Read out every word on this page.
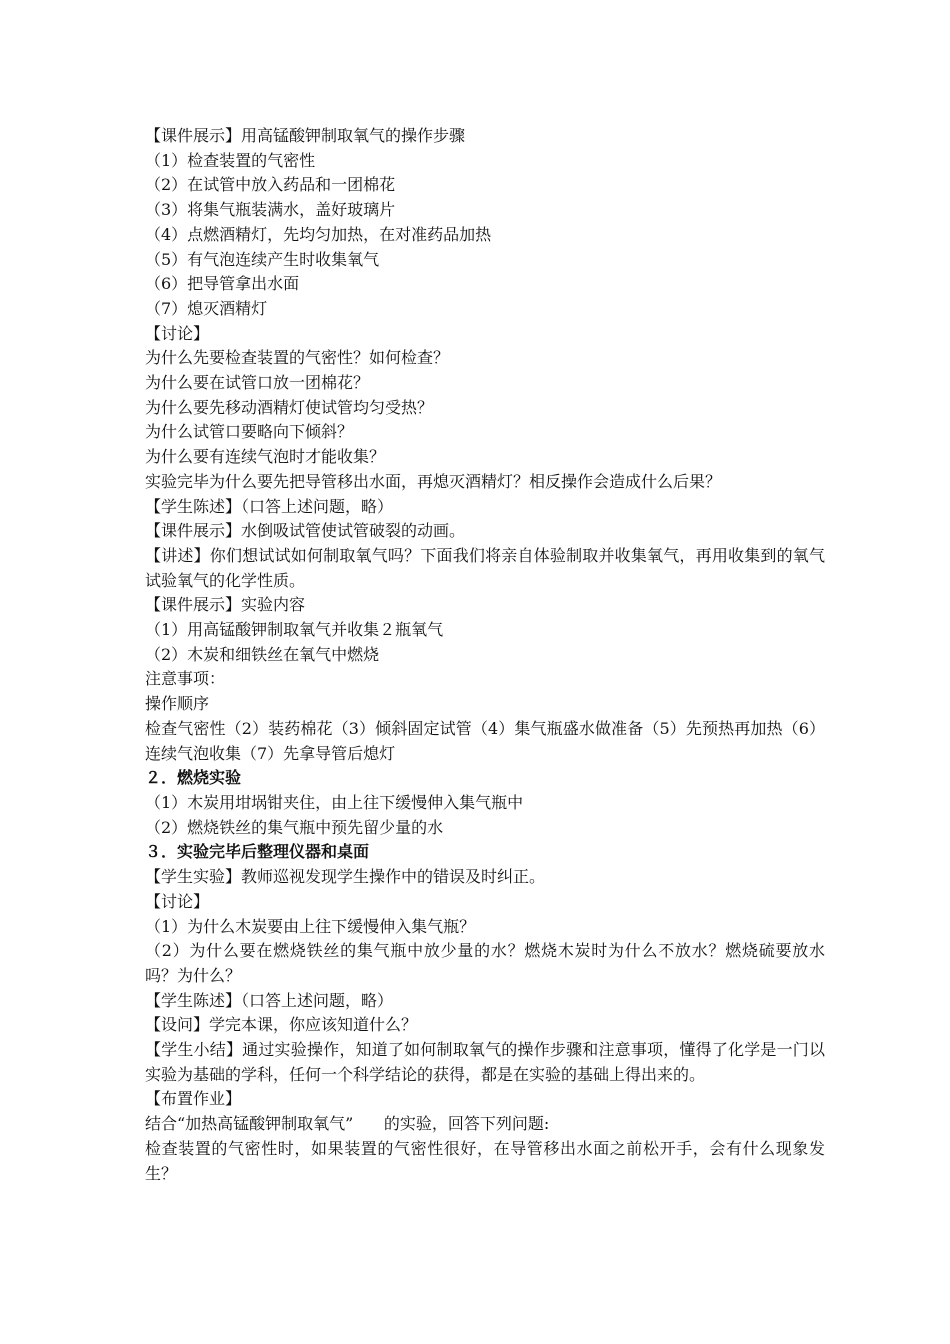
【课件展示】用高锰酸钾制取氧气的操作步骤

（1）检查装置的气密性

（2）在试管中放入药品和一团棉花

（3）将集气瓶装满水，盖好玻璃片

（4）点燃酒精灯，先均匀加热，在对准药品加热

（5）有气泡连续产生时收集氧气

（6）把导管拿出水面

（7）熄灭酒精灯

【讨论】

为什么先要检查装置的气密性？如何检查？

为什么要在试管口放一团棉花？

为什么要先移动酒精灯使试管均匀受热？

为什么试管口要略向下倾斜？

为什么要有连续气泡时才能收集？

实验完毕为什么要先把导管移出水面，再熄灭酒精灯？相反操作会造成什么后果？

【学生陈述】（口答上述问题，略）

【课件展示】水倒吸试管使试管破裂的动画。

【讲述】你们想试试如何制取氧气吗？下面我们将亲自体验制取并收集氧气，再用收集到的氧气试验氧气的化学性质。

【课件展示】实验内容

（1）用高锰酸钾制取氧气并收集２瓶氧气

（2）木炭和细铁丝在氧气中燃烧

注意事项：

操作顺序

检查气密性（2）装药棉花（3）倾斜固定试管（4）集气瓶盛水做准备（5）先预热再加热（6）连续气泡收集（7）先拿导管后熄灯

２．燃烧实验

（1）木炭用坩埚钳夹住，由上往下缓慢伸入集气瓶中

（2）燃烧铁丝的集气瓶中预先留少量的水

３．实验完毕后整理仪器和桌面

【学生实验】教师巡视发现学生操作中的错误及时纠正。

【讨论】

（1）为什么木炭要由上往下缓慢伸入集气瓶？

（2）为什么要在燃烧铁丝的集气瓶中放少量的水？燃烧木炭时为什么不放水？燃烧硫要放水吗？为什么？

【学生陈述】（口答上述问题，略）

【设问】学完本课，你应该知道什么？

【学生小结】通过实验操作，知道了如何制取氧气的操作步骤和注意事项，懂得了化学是一门以实验为基础的学科，任何一个科学结论的获得，都是在实验的基础上得出来的。

【布置作业】

结合“加热高锰酸钾制取氧气” 的实验，回答下列问题:

检查装置的气密性时，如果装置的气密性很好，在导管移出水面之前松开手，会有什么现象发生？
